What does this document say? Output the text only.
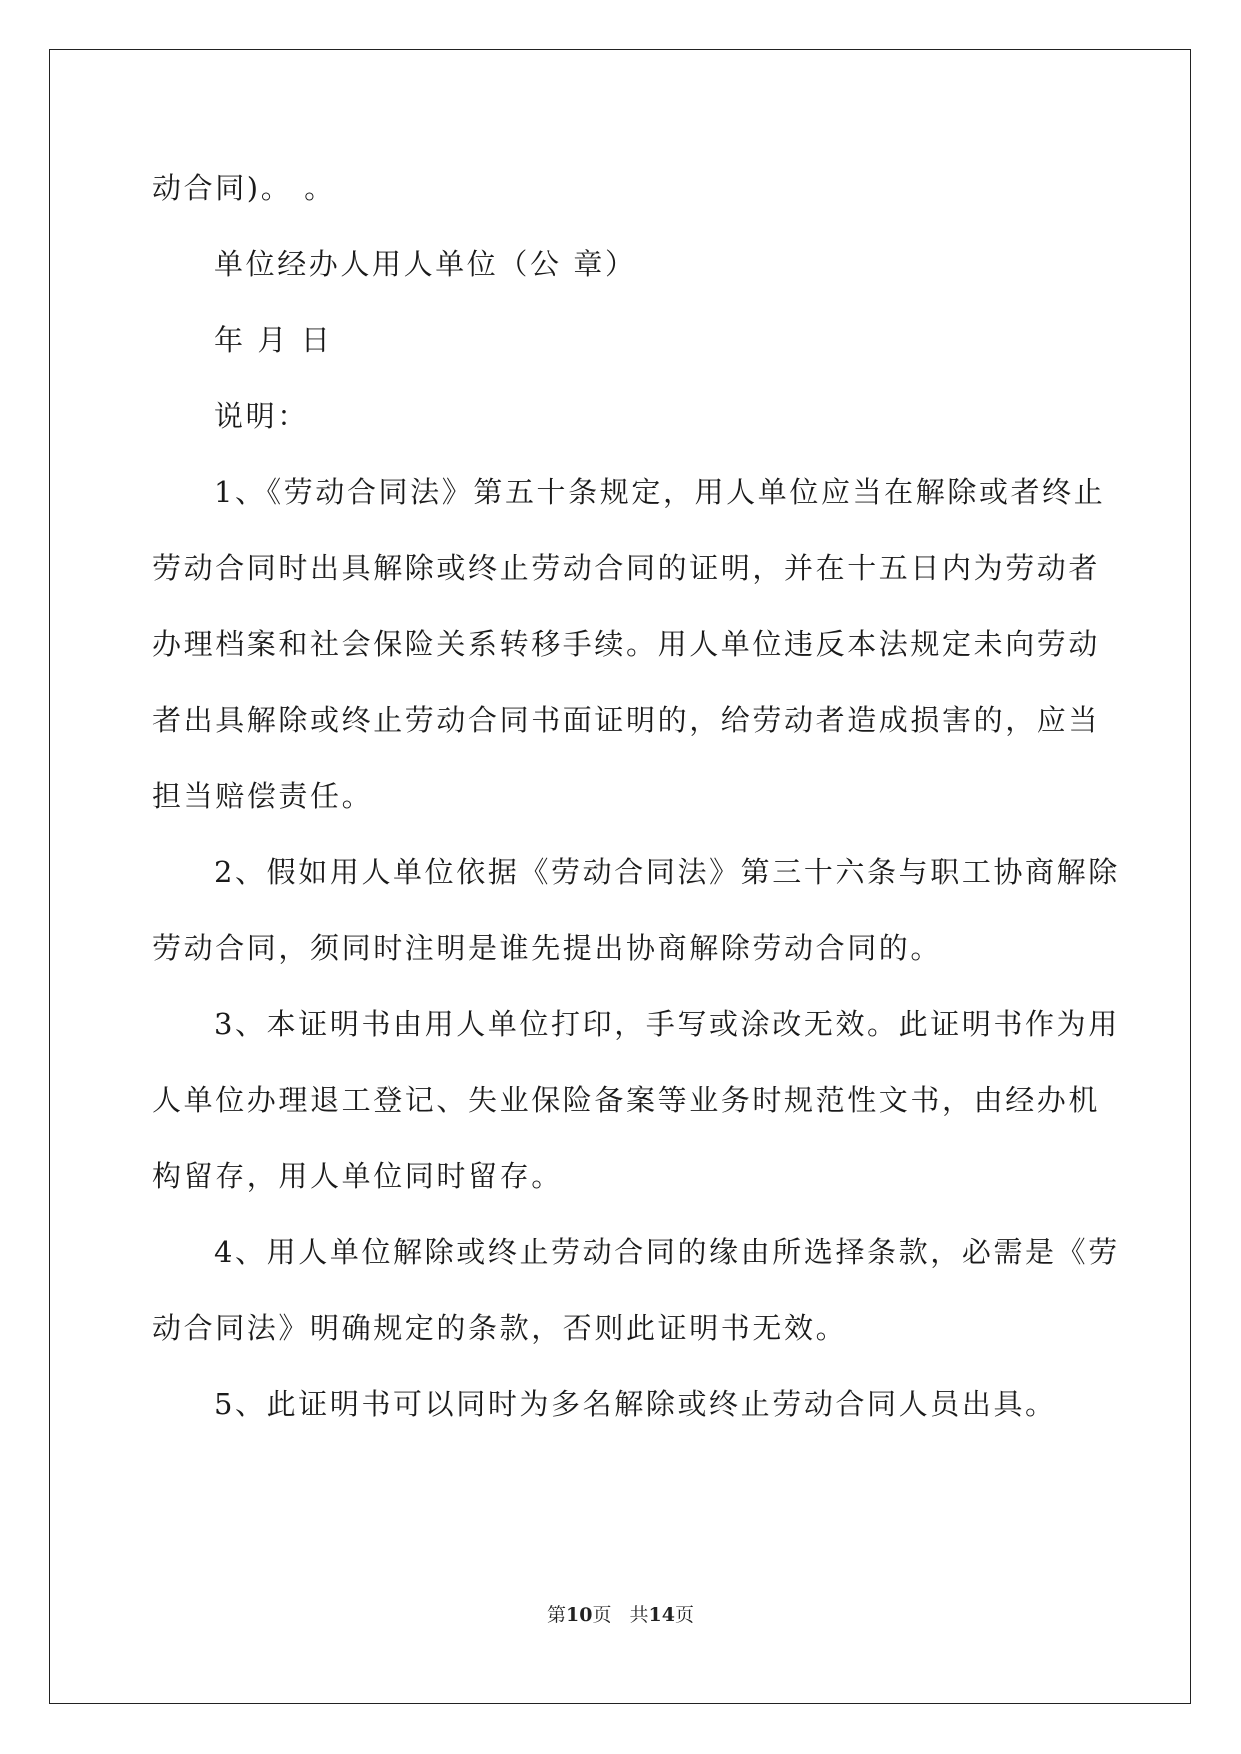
动合同)。 。
单位经办人用人单位（公 章）
年 月 日
说明：
1、《劳动合同法》第五十条规定，用人单位应当在解除或者终止
劳动合同时出具解除或终止劳动合同的证明，并在十五日内为劳动者
办理档案和社会保险关系转移手续。用人单位违反本法规定未向劳动
者出具解除或终止劳动合同书面证明的，给劳动者造成损害的，应当
担当赔偿责任。
2、假如用人单位依据《劳动合同法》第三十六条与职工协商解除
劳动合同，须同时注明是谁先提出协商解除劳动合同的。
3、本证明书由用人单位打印，手写或涂改无效。此证明书作为用
人单位办理退工登记、失业保险备案等业务时规范性文书，由经办机
构留存，用人单位同时留存。
4、用人单位解除或终止劳动合同的缘由所选择条款，必需是《劳
动合同法》明确规定的条款，否则此证明书无效。
5、此证明书可以同时为多名解除或终止劳动合同人员出具。
第10页 共14页
